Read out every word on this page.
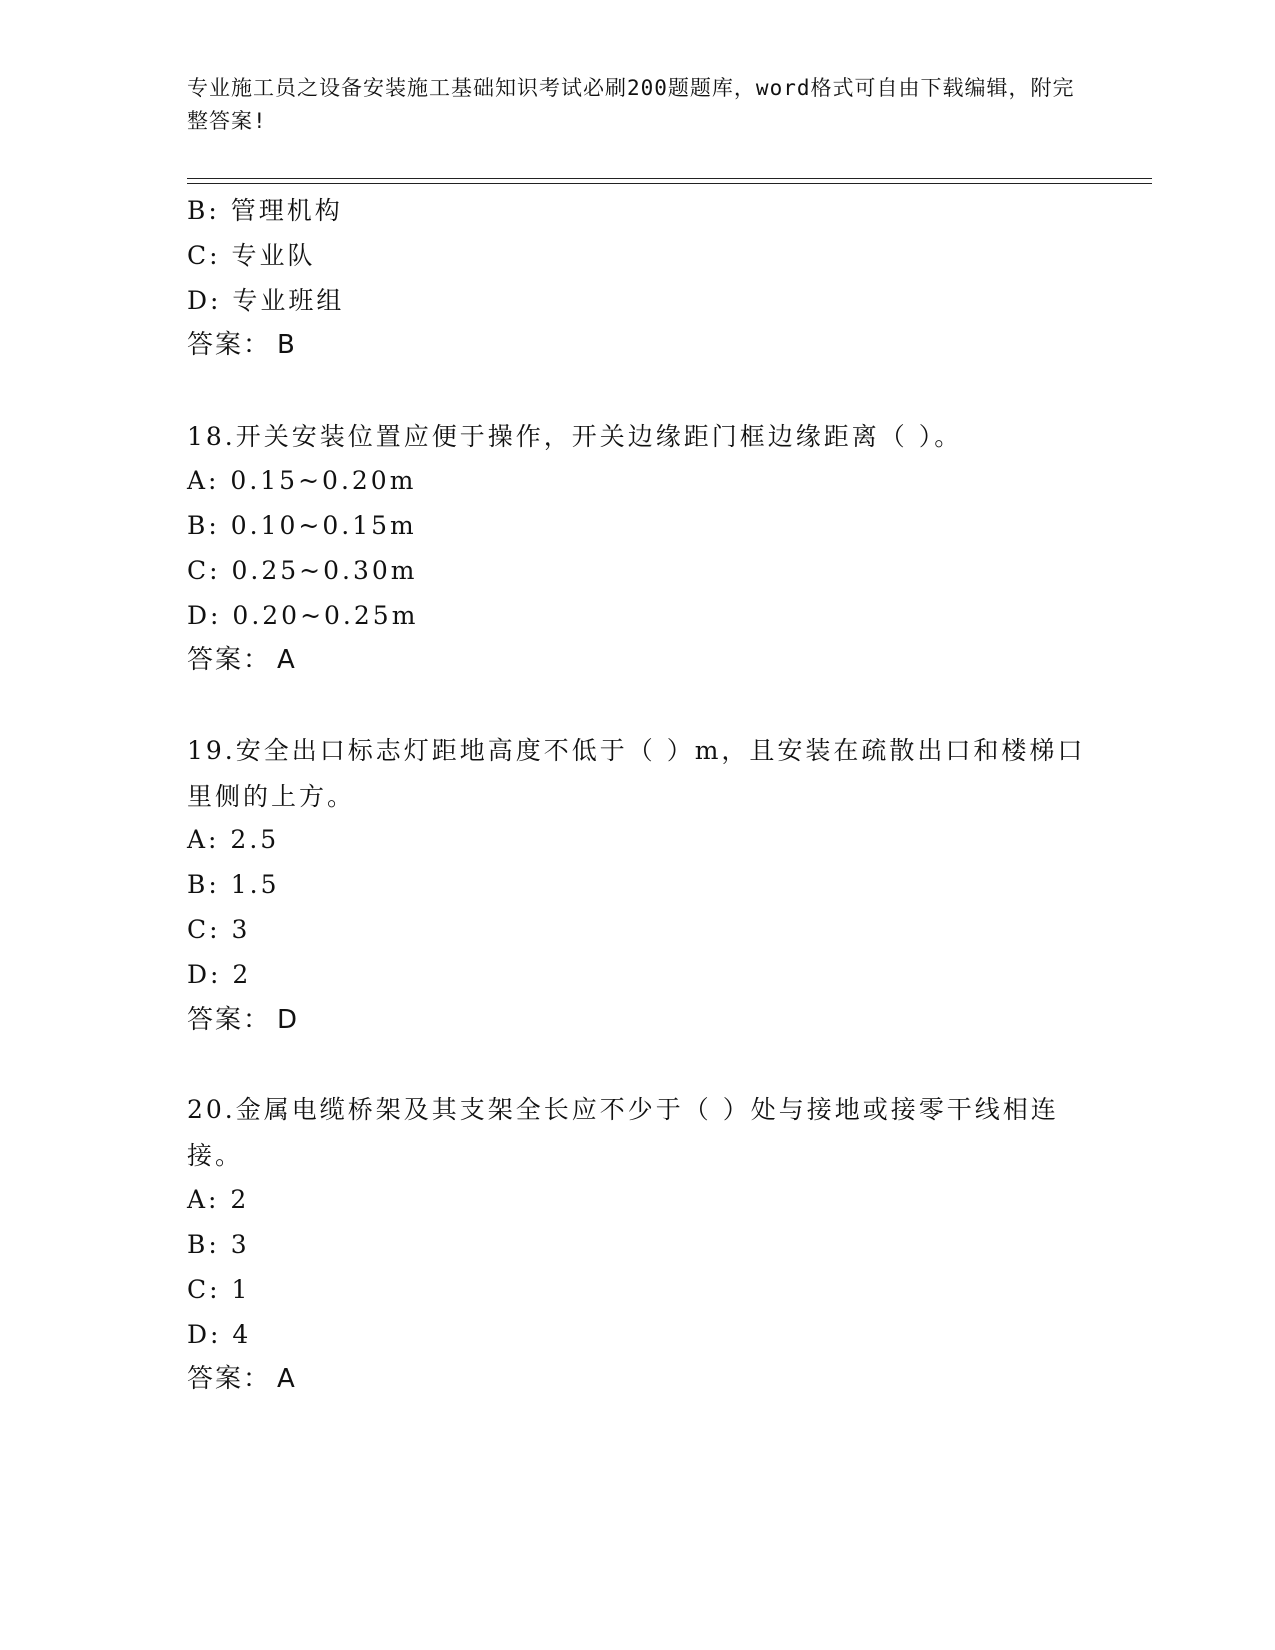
专业施工员之设备安装施工基础知识考试必刷200题题库，word格式可自由下载编辑，附完整答案!
B: 管理机构
C: 专业队
D: 专业班组
答案： B
18.开关安装位置应便于操作，开关边缘距门框边缘距离（ ）。
A: 0.15~0.20m
B: 0.10~0.15m
C: 0.25~0.30m
D: 0.20~0.25m
答案： A
19.安全出口标志灯距地高度不低于（ ）m，且安装在疏散出口和楼梯口里侧的上方。
A: 2.5
B: 1.5
C: 3
D: 2
答案： D
20.金属电缆桥架及其支架全长应不少于（ ）处与接地或接零干线相连接。
A: 2
B: 3
C: 1
D: 4
答案： A
